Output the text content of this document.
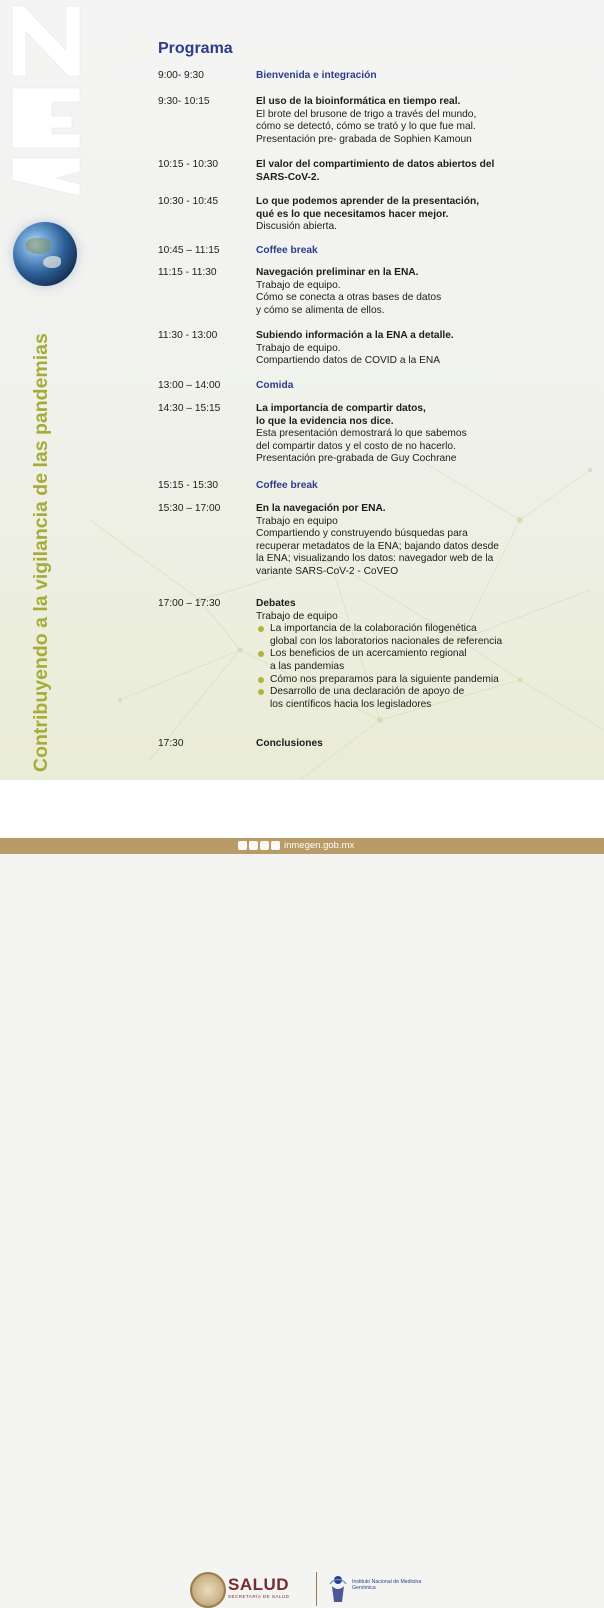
Contribuyendo a la vigilancia de las pandemias
Programa
9:00- 9:30	Bienvenida e integración
9:30- 10:15	El uso de la bioinformática en tiempo real.
El brote del brusone de trigo a través del mundo,
cómo se detectó, cómo se trató y lo que fue mal.
Presentación pre- grabada de Sophien Kamoun
10:15 - 10:30	El valor del compartimiento de datos abiertos del
SARS-CoV-2.
10:30 - 10:45	Lo que podemos aprender de la presentación,
qué es lo que necesitamos hacer mejor.
Discusión abierta.
10:45 – 11:15	Coffee break
11:15 - 11:30	Navegación preliminar en la ENA.
Trabajo de equipo.
Cómo se conecta a otras bases de datos
y cómo se alimenta de ellos.
11:30 - 13:00	Subiendo información a la ENA a detalle.
Trabajo de equipo.
Compartiendo datos de COVID a la ENA
13:00 – 14:00	Comida
14:30 – 15:15	La importancia de compartir datos,
lo que la evidencia nos dice.
Esta presentación demostrará lo que sabemos
del compartir datos y el costo de no hacerlo.
Presentación pre-grabada de Guy Cochrane
15:15 - 15:30	Coffee break
15:30 – 17:00	En la navegación por ENA.
Trabajo en equipo
Compartiendo y construyendo búsquedas para
recuperar metadatos de la ENA; bajando datos desde
la ENA; visualizando los datos: navegador web de la
variante SARS-CoV-2 - CoVEO
17:00 – 17:30	Debates
Trabajo de equipo
La importancia de la colaboración filogenética
global con los laboratorios nacionales de referencia
Los beneficios de un acercamiento regional
a las pandemias
Cómo nos preparamos para la siguiente pandemia
Desarrollo de una declaración de apoyo de
los científicos hacia los legisladores
17:30	Conclusiones
SALUD
SECRETARÍA DE SALUD
Instituto Nacional de Medicina Genómica
inmegen.gob.mx
